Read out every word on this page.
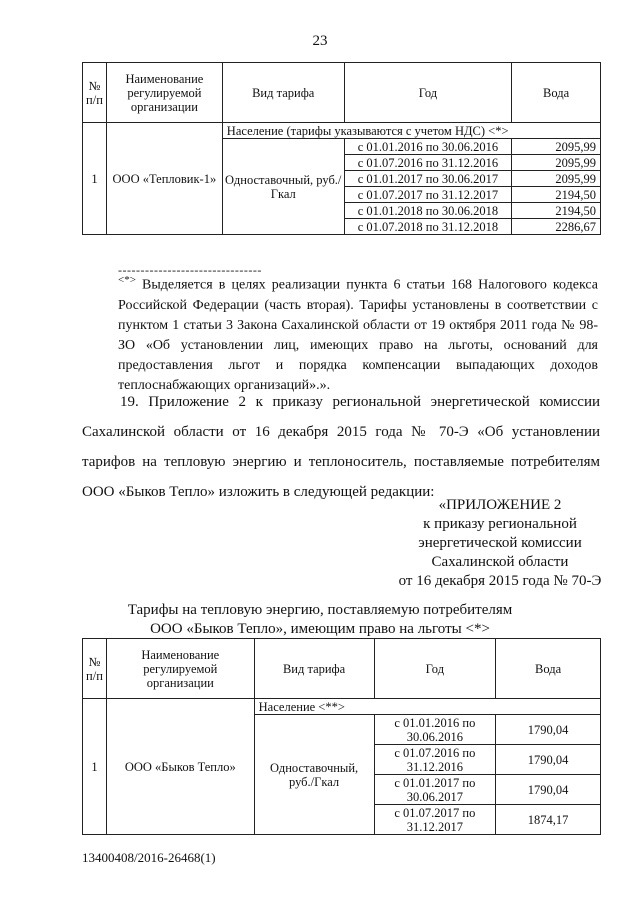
23
№ п/п	Наименование регулируемой организации	Вид тарифа	Год	Вода
1	ООО «Тепловик-1»	Население (тарифы указываются с учетом НДС) <*>		
		Одноставочный, руб./Гкал	с 01.01.2016 по 30.06.2016	2095,99
			с 01.07.2016 по 31.12.2016	2095,99
			с 01.01.2017 по 30.06.2017	2095,99
			с 01.07.2017 по 31.12.2017	2194,50
			с 01.01.2018 по 30.06.2018	2194,50
			с 01.07.2018 по 31.12.2018	2286,67
--------------------------------
<*> Выделяется в целях реализации пункта 6 статьи 168 Налогового кодекса Российской Федерации (часть вторая). Тарифы установлены в соответствии с пунктом 1 статьи 3 Закона Сахалинской области от 19 октября 2011 года № 98-ЗО «Об установлении лиц, имеющих право на льготы, оснований для предоставления льгот и порядка компенсации выпадающих доходов теплоснабжающих организаций».».
19. Приложение 2 к приказу региональной энергетической комиссии Сахалинской области от 16 декабря 2015 года № 70-Э «Об установлении тарифов на тепловую энергию и теплоноситель, поставляемые потребителям ООО «Быков Тепло» изложить в следующей редакции:
«ПРИЛОЖЕНИЕ 2
к приказу региональной
энергетической комиссии
Сахалинской области
от 16 декабря 2015 года № 70-Э
Тарифы на тепловую энергию, поставляемую потребителям
ООО «Быков Тепло», имеющим право на льготы <*>
№ п/п	Наименование регулируемой организации	Вид тарифа	Год	Вода
1	ООО «Быков Тепло»	Население <**>		
		Одноставочный, руб./Гкал	с 01.01.2016 по 30.06.2016	1790,04
			с 01.07.2016 по 31.12.2016	1790,04
			с 01.01.2017 по 30.06.2017	1790,04
			с 01.07.2017 по 31.12.2017	1874,17
13400408/2016-26468(1)
